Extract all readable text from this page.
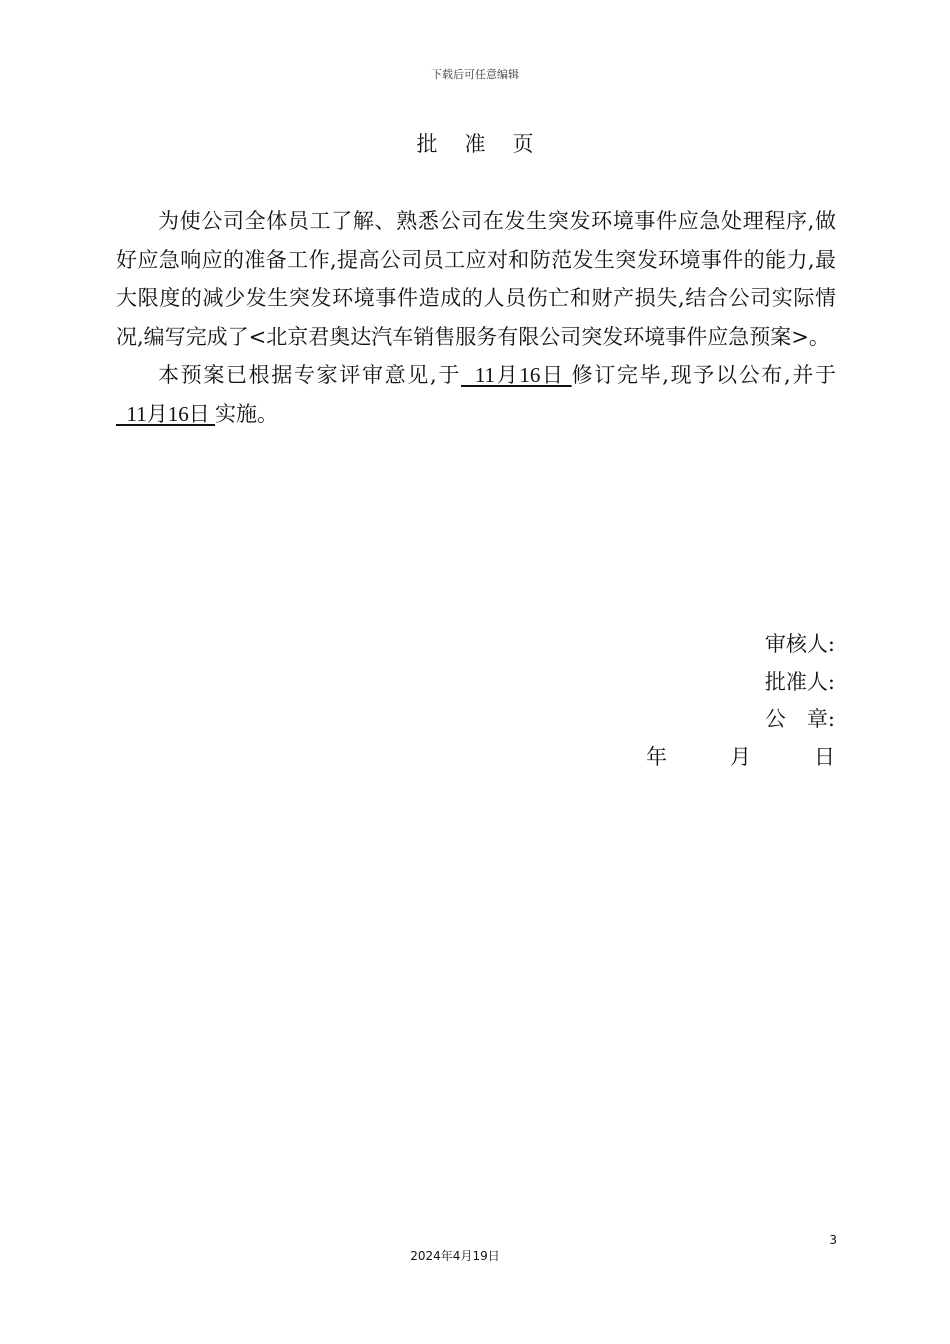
下载后可任意编辑
批 准 页

为使公司全体员工了解、熟悉公司在发生突发环境事件应急处理程序,做好应急响应的准备工作,提高公司员工应对和防范发生突发环境事件的能力,最大限度的减少发生突发环境事件造成的人员伤亡和财产损失,结合公司实际情况,编写完成了<北京君奥达汽车销售服务有限公司突发环境事件应急预案>。

本预案已根据专家评审意见,于  11月16日 修订完毕,现予以公布,并于  11月16日 实施。

审核人:
批准人:
公　章:
年　　　月　　　日
3
2024年4月19日
